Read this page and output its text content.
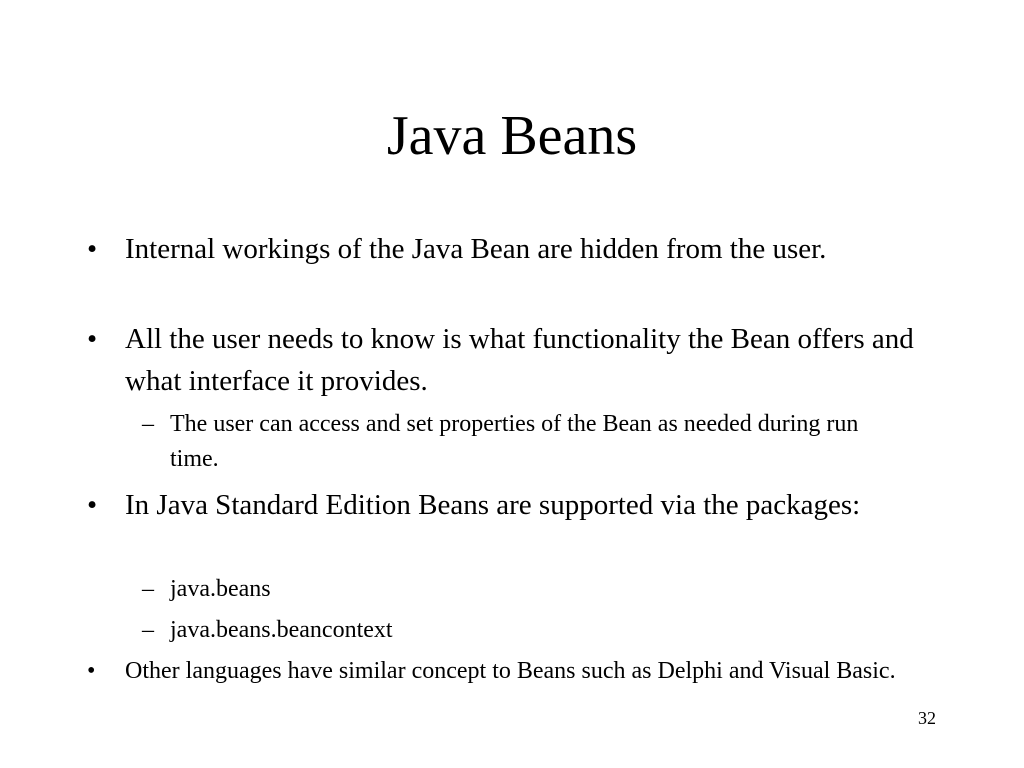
Java Beans
• Internal workings of the Java Bean are hidden from the user.
• All the user needs to know is what functionality the Bean offers and what interface it provides.
– The user can access and set properties of the Bean as needed during run time.
• In Java Standard Edition Beans are supported via the packages:
– java.beans
– java.beans.beancontext
• Other languages have similar concept to Beans such as Delphi and Visual Basic.
32
